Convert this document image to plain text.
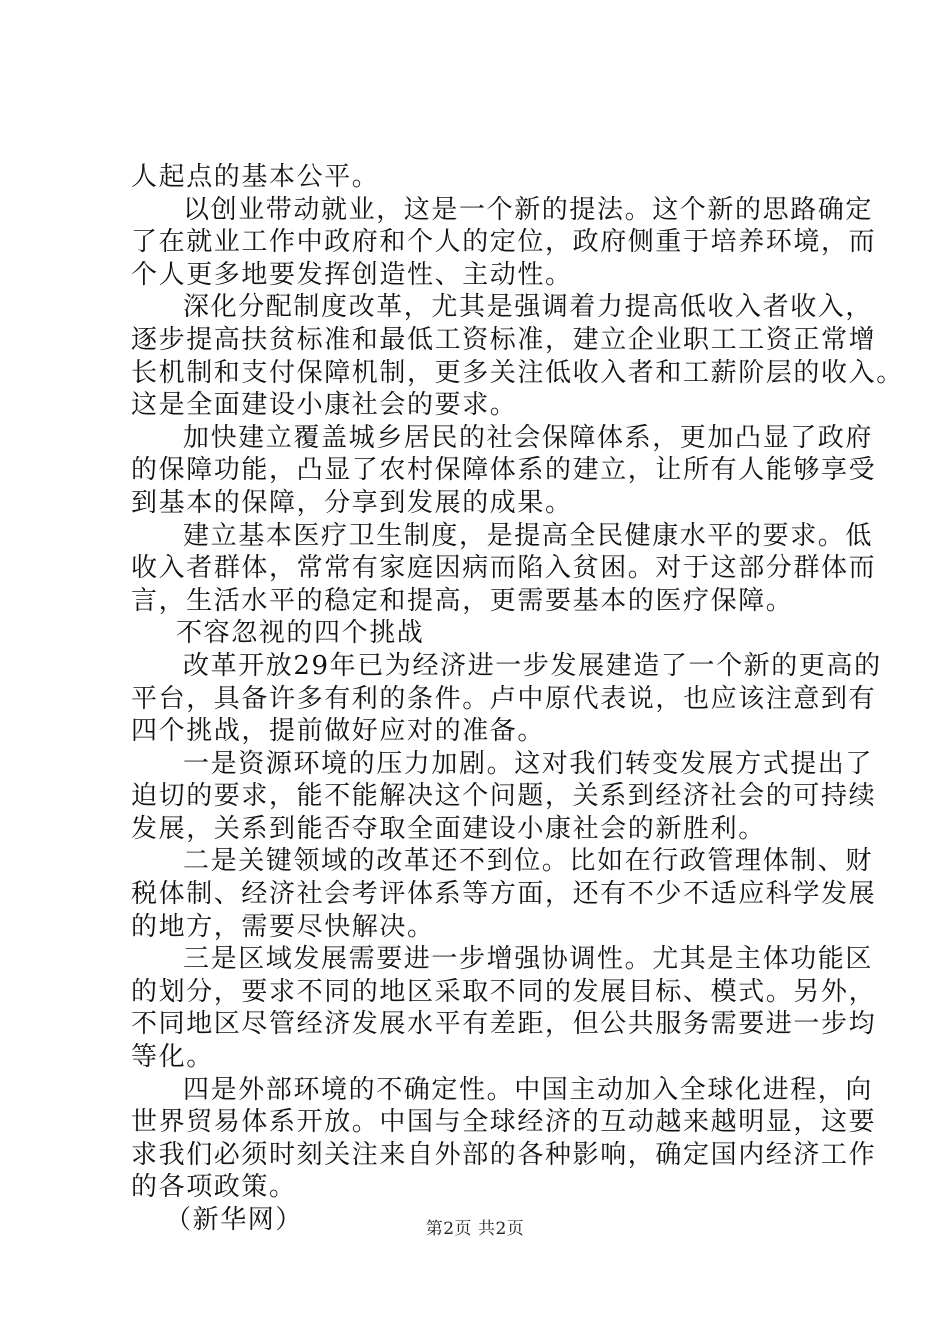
人起点的基本公平。
以创业带动就业，这是一个新的提法。这个新的思路确定
了在就业工作中政府和个人的定位，政府侧重于培养环境，而
个人更多地要发挥创造性、主动性。
深化分配制度改革，尤其是强调着力提高低收入者收入，
逐步提高扶贫标准和最低工资标准，建立企业职工工资正常增
长机制和支付保障机制，更多关注低收入者和工薪阶层的收入。
这是全面建设小康社会的要求。
加快建立覆盖城乡居民的社会保障体系，更加凸显了政府
的保障功能，凸显了农村保障体系的建立，让所有人能够享受
到基本的保障，分享到发展的成果。
建立基本医疗卫生制度，是提高全民健康水平的要求。低
收入者群体，常常有家庭因病而陷入贫困。对于这部分群体而
言，生活水平的稳定和提高，更需要基本的医疗保障。
不容忽视的四个挑战
改革开放29年已为经济进一步发展建造了一个新的更高的
平台，具备许多有利的条件。卢中原代表说，也应该注意到有
四个挑战，提前做好应对的准备。
一是资源环境的压力加剧。这对我们转变发展方式提出了
迫切的要求，能不能解决这个问题，关系到经济社会的可持续
发展，关系到能否夺取全面建设小康社会的新胜利。
二是关键领域的改革还不到位。比如在行政管理体制、财
税体制、经济社会考评体系等方面，还有不少不适应科学发展
的地方，需要尽快解决。
三是区域发展需要进一步增强协调性。尤其是主体功能区
的划分，要求不同的地区采取不同的发展目标、模式。另外，
不同地区尽管经济发展水平有差距，但公共服务需要进一步均
等化。
四是外部环境的不确定性。中国主动加入全球化进程，向
世界贸易体系开放。中国与全球经济的互动越来越明显，这要
求我们必须时刻关注来自外部的各种影响，确定国内经济工作
的各项政策。
（新华网）	第2页 共2页
